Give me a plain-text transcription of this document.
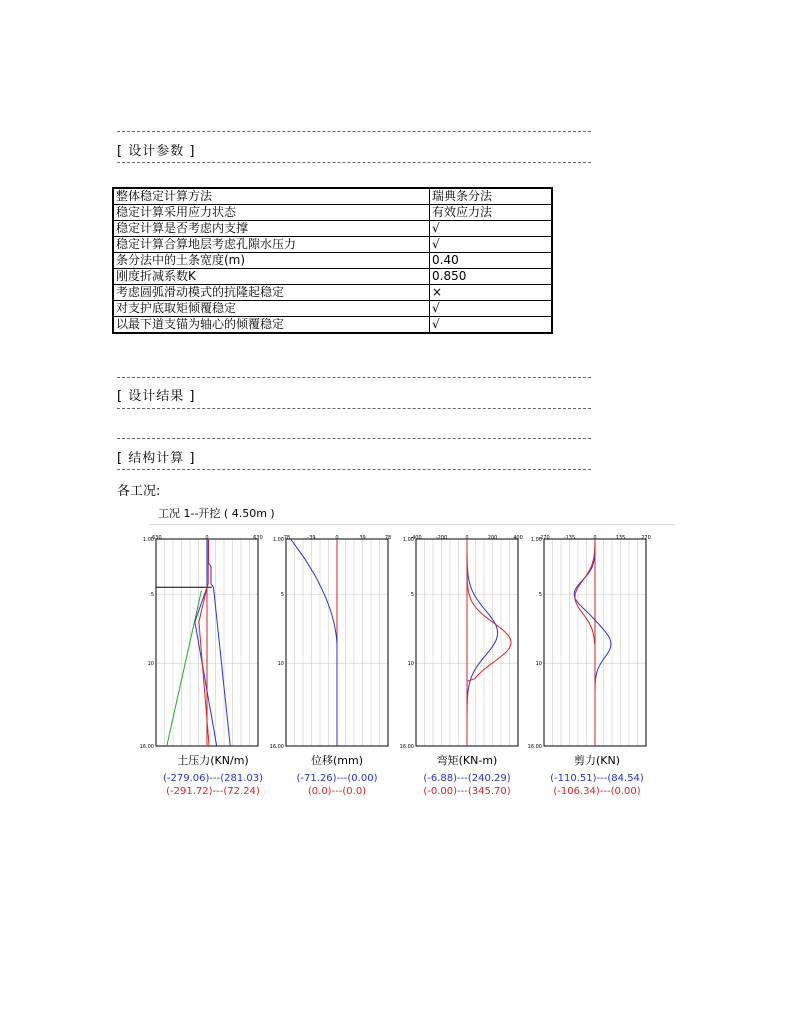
[ 设计参数 ]
整体稳定计算方法	瑞典条分法
稳定计算采用应力状态	有效应力法
稳定计算是否考虑内支撑	√
稳定计算合算地层考虑孔隙水压力	√
条分法中的土条宽度(m)	0.40
刚度折减系数K	0.850
考虑圆弧滑动模式的抗隆起稳定	×
对支护底取矩倾覆稳定	√
以最下道支锚为轴心的倾覆稳定	√
[ 设计结果 ]
[ 结构计算 ]
各工况:
工况 1--开挖 ( 4.50m )
-630	0	630
1.00
5
10
16.00
-78	-39	0	39	78
1.00
5
10
16.00
-400	-200	0	200	400
1.00
5
10
16.00
-270	-135	0	135	270
1.00
5
10
16.00
土压力(KN/m)
(-279.06)---(281.03)
(-291.72)---(72.24)
位移(mm)
(-71.26)---(0.00)
(0.0)---(0.0)
弯矩(KN-m)
(-6.88)---(240.29)
(-0.00)---(345.70)
剪力(KN)
(-110.51)---(84.54)
(-106.34)---(0.00)
